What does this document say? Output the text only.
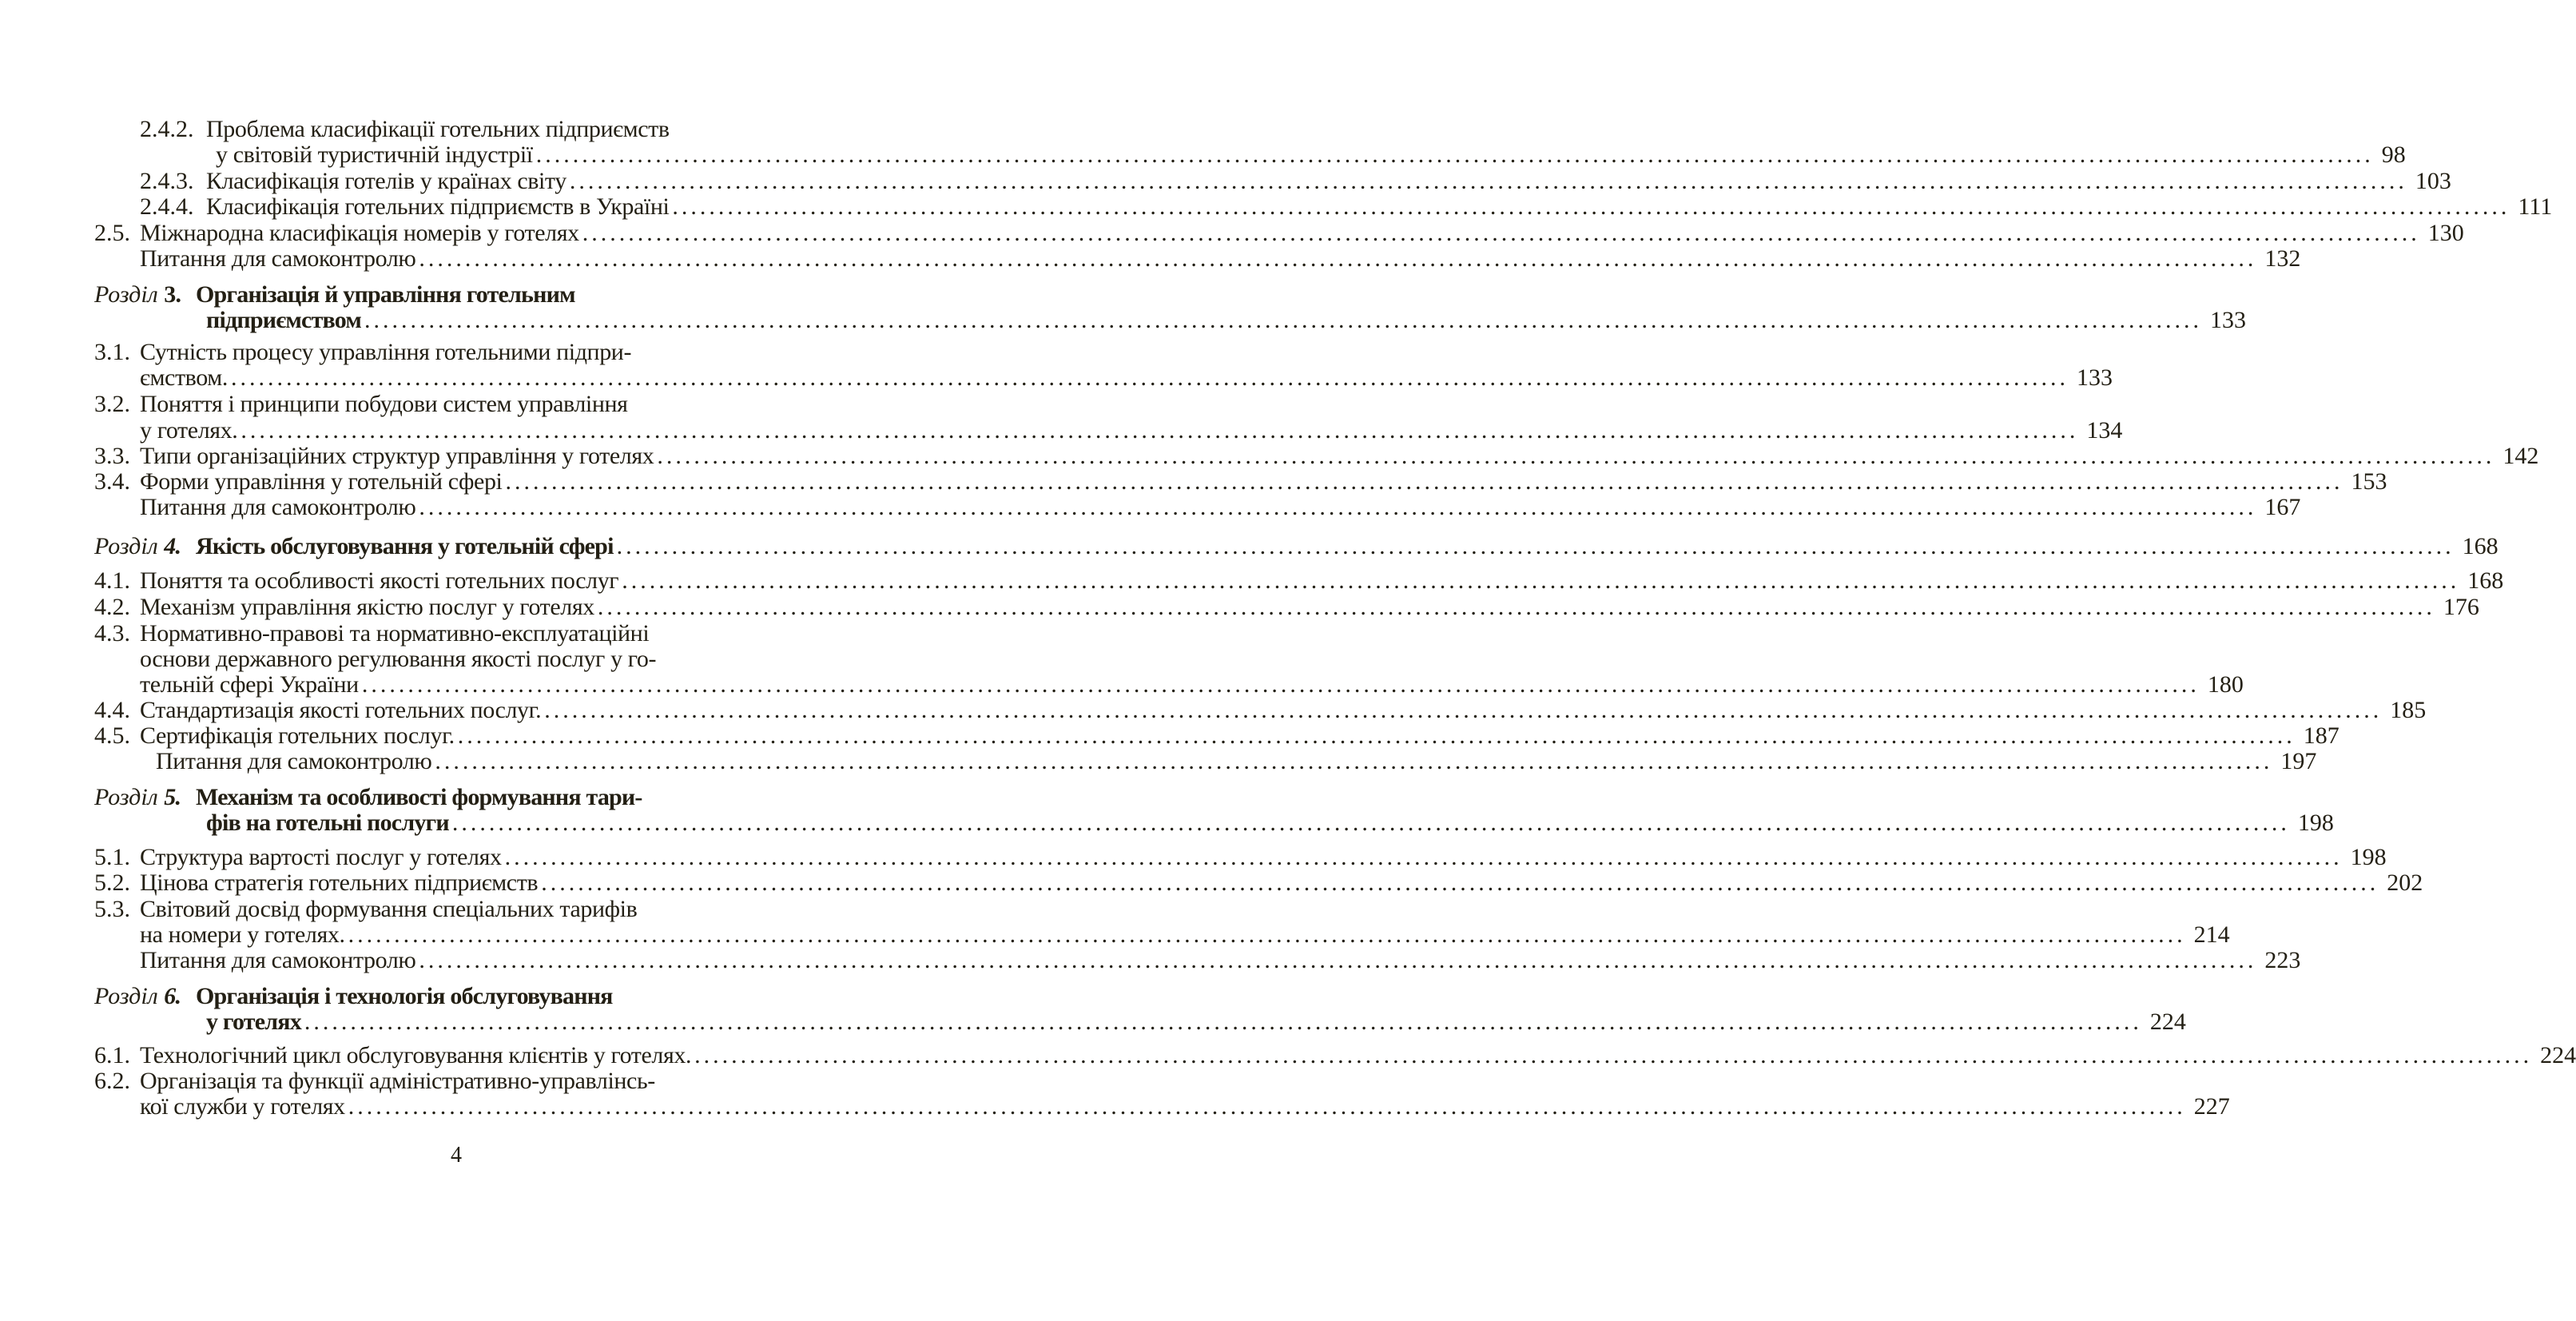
2.4.2. Проблема класифікації готельних підприємств
у світовій туристичній індустрії ........................................................................................................................................................................................................ 98
2.4.3. Класифікація готелів у країнах світу ........................................................................................................................................................................................................ 103
2.4.4. Класифікація готельних підприємств в Україні ........................................................................................................................................................................................................ 111
2.5. Міжнародна класифікація номерів у готелях ........................................................................................................................................................................................................ 130
Питання для самоконтролю ........................................................................................................................................................................................................ 132
Розділ 3. Організація й управління готельним
підприємством ........................................................................................................................................................................................................ 133
3.1. Сутність процесу управління готельними підпри-
ємством. ........................................................................................................................................................................................................ 133
3.2. Поняття і принципи побудови систем управління
у готелях. ........................................................................................................................................................................................................ 134
3.3. Типи організаційних структур управління у готелях ........................................................................................................................................................................................................ 142
3.4. Форми управління у готельній сфері ........................................................................................................................................................................................................ 153
Питання для самоконтролю ........................................................................................................................................................................................................ 167
Розділ 4. Якість обслуговування у готельній сфері ........................................................................................................................................................................................................ 168
4.1. Поняття та особливості якості готельних послуг ........................................................................................................................................................................................................ 168
4.2. Механізм управління якістю послуг у готелях ........................................................................................................................................................................................................ 176
4.3. Нормативно-правові та нормативно-експлуатаційні
основи державного регулювання якості послуг у го-
тельній сфері України ........................................................................................................................................................................................................ 180
4.4. Стандартизація якості готельних послуг. ........................................................................................................................................................................................................ 185
4.5. Сертифікація готельних послуг. ........................................................................................................................................................................................................ 187
Питання для самоконтролю ........................................................................................................................................................................................................ 197
Розділ 5. Механізм та особливості формування тари-
фів на готельні послуги ........................................................................................................................................................................................................ 198
5.1. Структура вартості послуг у готелях ........................................................................................................................................................................................................ 198
5.2. Цінова стратегія готельних підприємств ........................................................................................................................................................................................................ 202
5.3. Світовий досвід формування спеціальних тарифів
на номери у готелях. ........................................................................................................................................................................................................ 214
Питання для самоконтролю ........................................................................................................................................................................................................ 223
Розділ 6. Організація і технологія обслуговування
у готелях ........................................................................................................................................................................................................ 224
6.1. Технологічний цикл обслуговування клієнтів у готелях. ........................................................................................................................................................................................................ 224
6.2. Організація та функції адміністративно-управлінсь-
кої служби у готелях ........................................................................................................................................................................................................ 227
4
